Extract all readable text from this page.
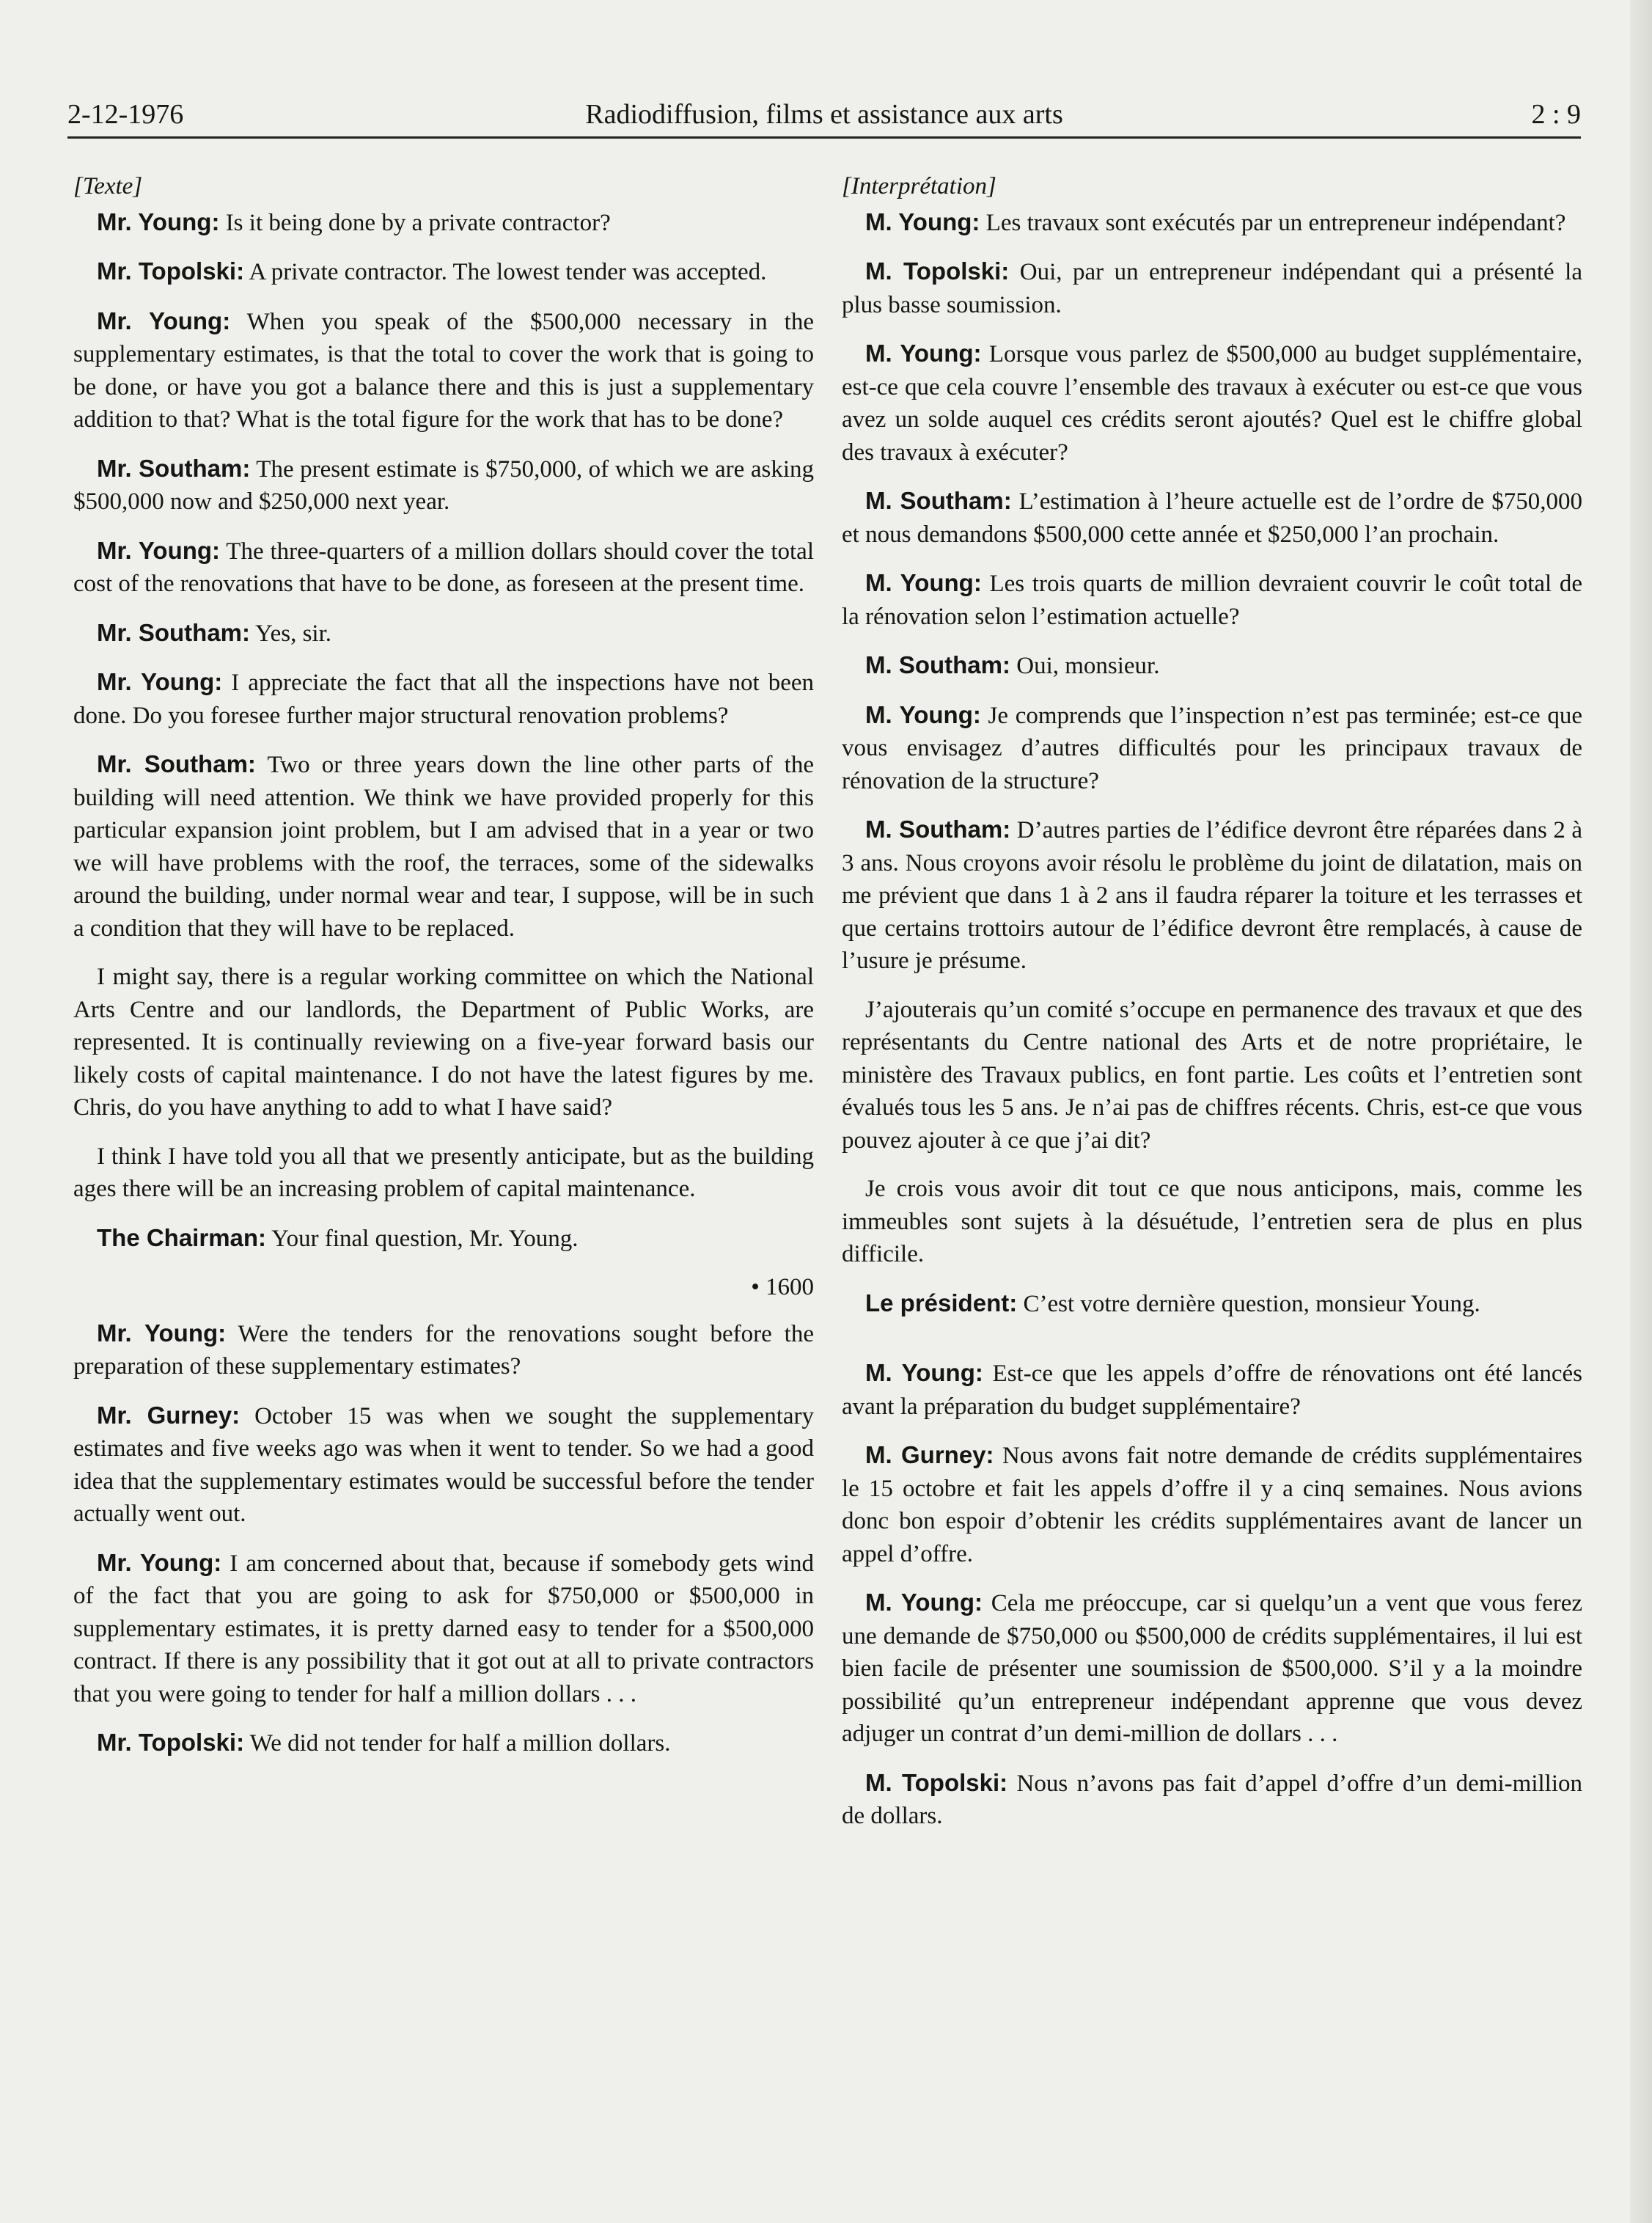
2-12-1976	Radiodiffusion, films et assistance aux arts	2 : 9

[Texte]

Mr. Young: Is it being done by a private contractor?

Mr. Topolski: A private contractor. The lowest tender was accepted.

Mr. Young: When you speak of the $500,000 necessary in the supplementary estimates, is that the total to cover the work that is going to be done, or have you got a balance there and this is just a supplementary addition to that? What is the total figure for the work that has to be done?

Mr. Southam: The present estimate is $750,000, of which we are asking $500,000 now and $250,000 next year.

Mr. Young: The three-quarters of a million dollars should cover the total cost of the renovations that have to be done, as foreseen at the present time.

Mr. Southam: Yes, sir.

Mr. Young: I appreciate the fact that all the inspections have not been done. Do you foresee further major structural renovation problems?

Mr. Southam: Two or three years down the line other parts of the building will need attention. We think we have provided properly for this particular expansion joint problem, but I am advised that in a year or two we will have problems with the roof, the terraces, some of the sidewalks around the building, under normal wear and tear, I suppose, will be in such a condition that they will have to be replaced.

I might say, there is a regular working committee on which the National Arts Centre and our landlords, the Department of Public Works, are represented. It is continually reviewing on a five-year forward basis our likely costs of capital maintenance. I do not have the latest figures by me. Chris, do you have anything to add to what I have said?

I think I have told you all that we presently anticipate, but as the building ages there will be an increasing problem of capital maintenance.

The Chairman: Your final question, Mr. Young.

• 1600

Mr. Young: Were the tenders for the renovations sought before the preparation of these supplementary estimates?

Mr. Gurney: October 15 was when we sought the supplementary estimates and five weeks ago was when it went to tender. So we had a good idea that the supplementary estimates would be successful before the tender actually went out.

Mr. Young: I am concerned about that, because if somebody gets wind of the fact that you are going to ask for $750,000 or $500,000 in supplementary estimates, it is pretty darned easy to tender for a $500,000 contract. If there is any possibility that it got out at all to private contractors that you were going to tender for half a million dollars . . .

Mr. Topolski: We did not tender for half a million dollars.

[Interprétation]

M. Young: Les travaux sont exécutés par un entrepreneur indépendant?

M. Topolski: Oui, par un entrepreneur indépendant qui a présenté la plus basse soumission.

M. Young: Lorsque vous parlez de $500,000 au budget supplémentaire, est-ce que cela couvre l’ensemble des travaux à exécuter ou est-ce que vous avez un solde auquel ces crédits seront ajoutés? Quel est le chiffre global des travaux à exécuter?

M. Southam: L’estimation à l’heure actuelle est de l’ordre de $750,000 et nous demandons $500,000 cette année et $250,000 l’an prochain.

M. Young: Les trois quarts de million devraient couvrir le coût total de la rénovation selon l’estimation actuelle?

M. Southam: Oui, monsieur.

M. Young: Je comprends que l’inspection n’est pas terminée; est-ce que vous envisagez d’autres difficultés pour les principaux travaux de rénovation de la structure?

M. Southam: D’autres parties de l’édifice devront être réparées dans 2 à 3 ans. Nous croyons avoir résolu le problème du joint de dilatation, mais on me prévient que dans 1 à 2 ans il faudra réparer la toiture et les terrasses et que certains trottoirs autour de l’édifice devront être remplacés, à cause de l’usure je présume.

J’ajouterais qu’un comité s’occupe en permanence des travaux et que des représentants du Centre national des Arts et de notre propriétaire, le ministère des Travaux publics, en font partie. Les coûts et l’entretien sont évalués tous les 5 ans. Je n’ai pas de chiffres récents. Chris, est-ce que vous pouvez ajouter à ce que j’ai dit?

Je crois vous avoir dit tout ce que nous anticipons, mais, comme les immeubles sont sujets à la désuétude, l’entretien sera de plus en plus difficile.

Le président: C’est votre dernière question, monsieur Young.

M. Young: Est-ce que les appels d’offre de rénovations ont été lancés avant la préparation du budget supplémentaire?

M. Gurney: Nous avons fait notre demande de crédits supplémentaires le 15 octobre et fait les appels d’offre il y a cinq semaines. Nous avions donc bon espoir d’obtenir les crédits supplémentaires avant de lancer un appel d’offre.

M. Young: Cela me préoccupe, car si quelqu’un a vent que vous ferez une demande de $750,000 ou $500,000 de crédits supplémentaires, il lui est bien facile de présenter une soumission de $500,000. S’il y a la moindre possibilité qu’un entrepreneur indépendant apprenne que vous devez adjuger un contrat d’un demi-million de dollars . . .

M. Topolski: Nous n’avons pas fait d’appel d’offre d’un demi-million de dollars.
